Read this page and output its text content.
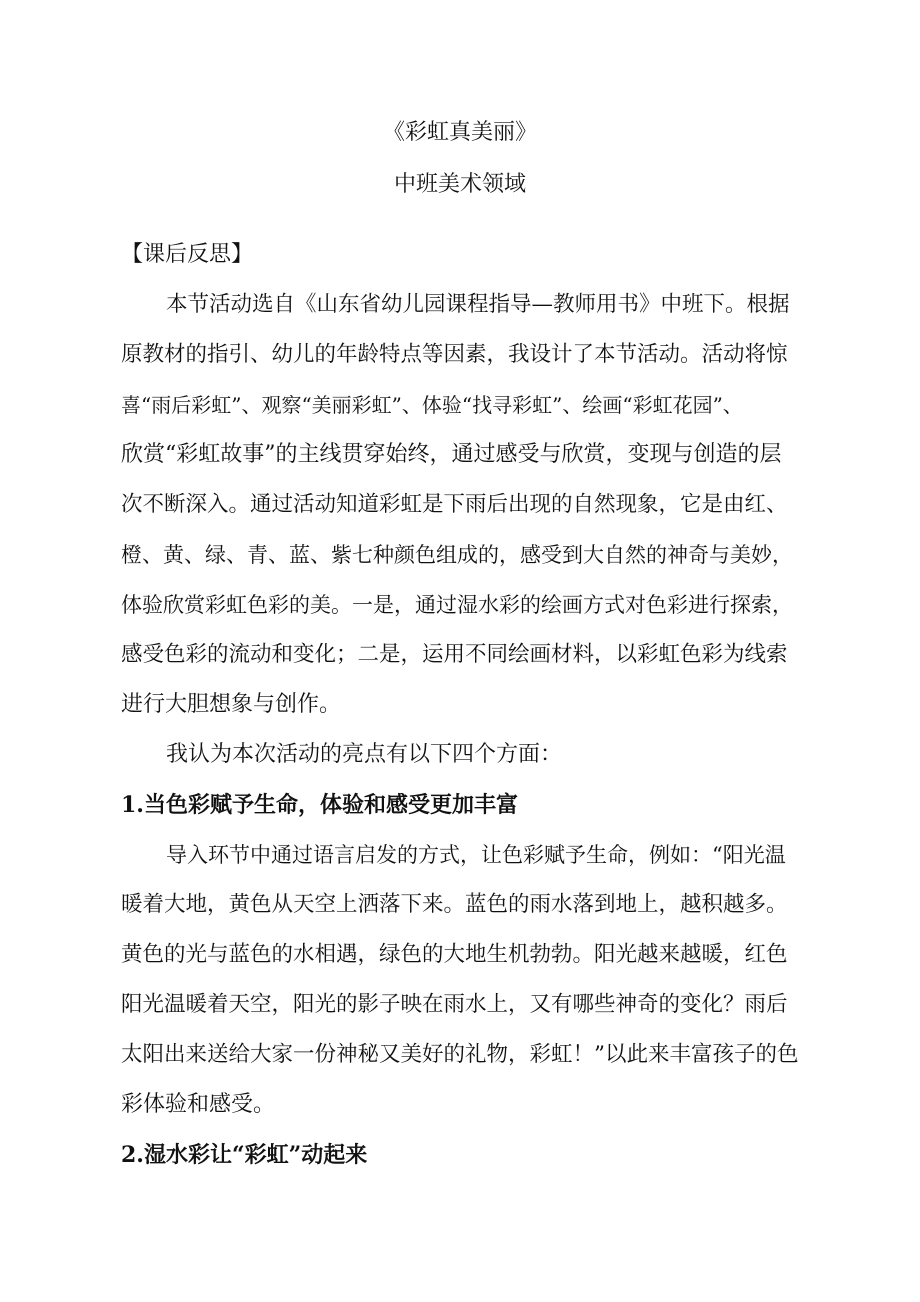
《彩虹真美丽》
中班美术领域
【课后反思】
本节活动选自《山东省幼儿园课程指导—教师用书》中班下。根据
原教材的指引、幼儿的年龄特点等因素，我设计了本节活动。活动将惊
喜“雨后彩虹”、观察“美丽彩虹”、体验“找寻彩虹”、绘画“彩虹花园”、
欣赏“彩虹故事”的主线贯穿始终，通过感受与欣赏，变现与创造的层
次不断深入。通过活动知道彩虹是下雨后出现的自然现象，它是由红、
橙、黄、绿、青、蓝、紫七种颜色组成的，感受到大自然的神奇与美妙，
体验欣赏彩虹色彩的美。一是，通过湿水彩的绘画方式对色彩进行探索，
感受色彩的流动和变化；二是，运用不同绘画材料，以彩虹色彩为线索
进行大胆想象与创作。
我认为本次活动的亮点有以下四个方面：
1.当色彩赋予生命，体验和感受更加丰富
导入环节中通过语言启发的方式，让色彩赋予生命，例如：“阳光温
暖着大地，黄色从天空上洒落下来。蓝色的雨水落到地上，越积越多。
黄色的光与蓝色的水相遇，绿色的大地生机勃勃。阳光越来越暖，红色
阳光温暖着天空，阳光的影子映在雨水上，又有哪些神奇的变化？雨后
太阳出来送给大家一份神秘又美好的礼物，彩虹！”以此来丰富孩子的色
彩体验和感受。
2.湿水彩让“彩虹”动起来
